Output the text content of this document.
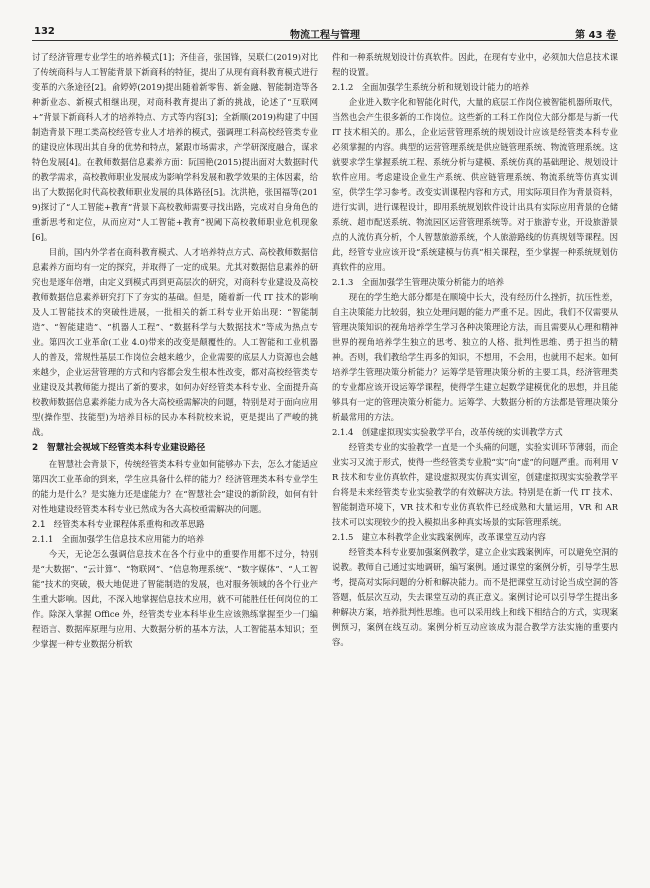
132	物流工程与管理	第 43 卷

讨了经济管理专业学生的培养模式[1]；齐佳音，张国锋，吴联仁(2019)对比了传统商科与人工智能背景下新商科的特征，提出了从现有商科教育模式进行变革的六条途径[2]。俞婷婷(2019)提出随着新零售、新金融、智能制造等各种新业态、新模式相继出现，对商科教育提出了新的挑战，论述了“互联网+”背景下新商科人才的培养特点、方式等内容[3]；全新顺(2019)构建了中国制造背景下理工类高校经管专业人才培养的模式，强调理工科高校经管类专业的建设应体现出其自身的优势和特点，紧跟市场需求，产学研深度融合，谋求特色发展[4]。在教师数据信息素养方面：阮国艳(2015)提出面对大数据时代的教学需求，高校教师职业发展成为影响学科发展和教学效果的主体因素，给出了大数据化时代高校教师职业发展的具体路径[5]。沈洪艳，张国福等(2019)探讨了“人工智能+教育”背景下高校教师需要寻找出路，完成对自身角色的重新思考和定位，从而应对“人工智能+教育”视阈下高校教师职业危机现象[6]。

目前，国内外学者在商科教育模式、人才培养特点方式、高校教师数据信息素养方面均有一定的探究，并取得了一定的成果。尤其对数据信息素养的研究也是逐年倍增，由定义到模式再到更高层次的研究，对商科专业建设及高校教师数据信息素养研究打下了夯实的基础。但是，随着新一代 IT 技术的影响及人工智能技术的突破性进展，一批相关的新工科专业开始出现：“智能制造”、“智能建造”、“机器人工程”、“数据科学与大数据技术”等成为热点专业。第四次工业革命(工业 4.0)带来的改变是颠覆性的。人工智能和工业机器人的普及，常规性基层工作岗位会越来越少，企业需要的底层人力资源也会越来越少，企业运营管理的方式和内容都会发生根本性改变，都对高校经管类专业建设及其教师能力提出了新的要求，如何办好经管类本科专业、全面提升高校教师数据信息素养能力成为各大高校亟需解决的问题，特别是对于面向应用型(操作型、技能型)为培养目标的民办本科院校来说，更是提出了严峻的挑战。

2　智慧社会视域下经管类本科专业建设路径

在智慧社会背景下，传统经管类本科专业如何能够办下去，怎么才能适应第四次工业革命的到来，学生应具备什么样的能力？经济管理类本科专业学生的能力是什么？是实施力还是虚能力？在“智慧社会”建设的新阶段，如何有针对性地建设经管类本科专业已然成为各大高校亟需解决的问题。

2.1　经管类本科专业课程体系重构和改革思路

2.1.1　全面加强学生信息技术应用能力的培养

今天，无论怎么强调信息技术在各个行业中的重要作用都不过分，特别是“大数据”、“云计算”、“物联网”、“信息物理系统”、“数字媒体”、“人工智能”技术的突破，极大地促进了智能制造的发展，也对服务领域的各个行业产生重大影响。因此，不深入地掌握信息技术应用，就不可能胜任任何岗位的工作。除深入掌握 Office 外，经管类专业本科毕业生应该熟练掌握至少一门编程语言、数据库原理与应用、大数据分析的基本方法，人工智能基本知识；至少掌握一种专业数据分析软

件和一种系统规划设计仿真软件。因此，在现有专业中，必须加大信息技术课程的设置。

2.1.2　全面加强学生系统分析和规划设计能力的培养

企业进入数字化和智能化时代，大量的底层工作岗位被智能机器所取代，当然也会产生很多新的工作岗位。这些新的工科工作岗位大部分都是与新一代 IT 技术相关的。那么，企业运营管理系统的规划设计应该是经管类本科专业必须掌握的内容。典型的运营管理系统是供应链管理系统、物流管理系统。这就要求学生掌握系统工程、系统分析与建模、系统仿真的基础理论、规划设计软件应用。考虑建设企业生产系统、供应链管理系统、物流系统等仿真实训室，供学生学习参考。改变实训课程内容和方式，用实际项目作为背景资料，进行实训，进行课程设计，即用系统规划软件设计出具有实际应用背景的仓储系统、超市配送系统、物流园区运营管理系统等。对于旅游专业，开设旅游景点的人流仿真分析，个人智慧旅游系统，个人旅游路线的仿真规划等课程。因此，经管专业应该开设“系统建模与仿真”相关课程，至少掌握一种系统规划仿真软件的应用。

2.1.3　全面加强学生管理决策分析能力的培养

现在的学生绝大部分都是在顺境中长大，没有经历什么挫折，抗压性差，自主决策能力比较弱，独立处理问题的能力严重不足。因此，我们不仅需要从管理决策知识的视角培养学生学习各种决策理论方法，而且需要从心理和精神世界的视角培养学生独立的思考、独立的人格、批判性思维、勇于担当的精神。否则，我们教给学生再多的知识，不想用，不会用，也就用不起来。如何培养学生管理决策分析能力？运筹学是管理决策分析的主要工具，经济管理类的专业都应该开设运筹学课程，使得学生建立起数学建模优化的思想，并且能够具有一定的管理决策分析能力。运筹学、大数据分析的方法都是管理决策分析最常用的方法。

2.1.4　创建虚拟现实实验教学平台，改革传统的实训教学方式

经管类专业的实验教学一直是一个头痛的问题，实验实训环节薄弱，而企业实习又流于形式，使得一些经管类专业脱“实”向“虚”的问题严重。而利用 VR 技术和专业仿真软件，建设虚拟现实仿真实训室，创建虚拟现实实验教学平台将是未来经管类专业实验教学的有效解决方法。特别是在新一代 IT 技术、智能制造环境下，VR 技术和专业仿真软件已经成熟和大量运用，VR 和 AR 技术可以实现较少的投入模拟出多种真实场景的实际管理系统。

2.1.5　建立本科教学企业实践案例库，改革课堂互动内容

经管类本科专业要加强案例教学，建立企业实践案例库，可以避免空洞的说教。教师自己通过实地调研，编写案例。通过课堂的案例分析，引导学生思考，提高对实际问题的分析和解决能力。而不是把课堂互动讨论当成空洞的答答题，低层次互动，失去课堂互动的真正意义。案例讨论可以引导学生提出多种解决方案，培养批判性思维。也可以采用线上和线下相结合的方式，实现案例预习，案例在线互动。案例分析互动应该成为混合教学方法实施的重要内容。
